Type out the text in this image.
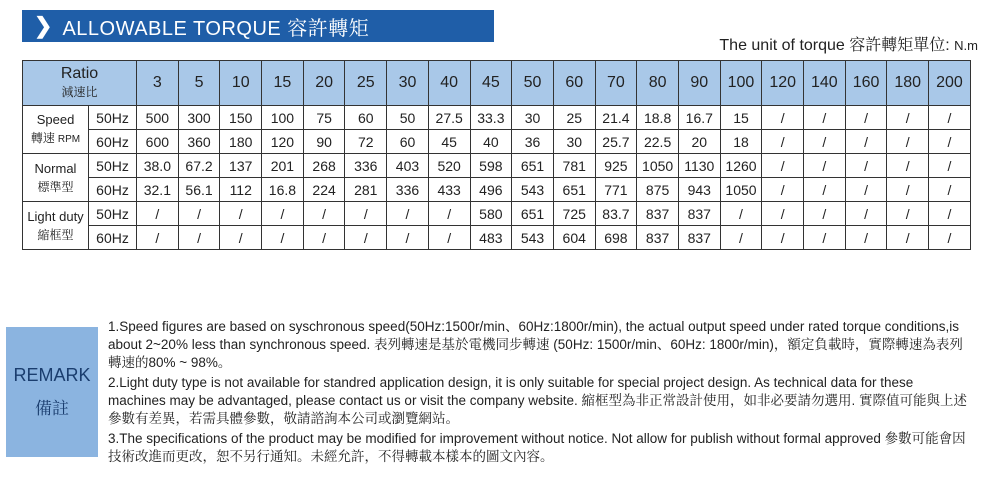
❯ ALLOWABLE TORQUE 容許轉矩
The unit of torque 容許轉矩單位: N.m
Ratio
減速比		3	5	10	15	20	25	30	40	45	50	60	70	80	90	100	120	140	160	180	200
Speed
轉速 RPM	50Hz	500	300	150	100	75	60	50	27.5	33.3	30	25	21.4	18.8	16.7	15	/	/	/	/	/
	60Hz	600	360	180	120	90	72	60	45	40	36	30	25.7	22.5	20	18	/	/	/	/	/
Normal
標準型	50Hz	38.0	67.2	137	201	268	336	403	520	598	651	781	925	1050	1130	1260	/	/	/	/	/
	60Hz	32.1	56.1	112	16.8	224	281	336	433	496	543	651	771	875	943	1050	/	/	/	/	/
Light duty
縮框型	50Hz	/	/	/	/	/	/	/	/	580	651	725	83.7	837	837	/	/	/	/	/	/
	60Hz	/	/	/	/	/	/	/	/	483	543	604	698	837	837	/	/	/	/	/	/
REMARK
備註

1.Speed figures are based on syschronous speed(50Hz:1500r/min、60Hz:1800r/min), the actual output speed under rated torque conditions,is about 2~20% less than synchronous speed. 表列轉速是基於電機同步轉速 (50Hz: 1500r/min、60Hz: 1800r/min)，額定負載時，實際轉速為表列轉速的80% ~ 98%。

2.Light duty type is not available for standred application design, it is only suitable for special project design. As technical data for these machines may be advantaged, please contact us or visit the company website. 縮框型為非正常設計使用，如非必要請勿選用. 實際值可能與上述參數有差異，若需具體參數，敬請諮詢本公司或瀏覽網站。

3.The specifications of the product may be modified for improvement without notice. Not allow for publish without formal approved 參數可能會因技術改進而更改，恕不另行通知。未經允許，不得轉載本樣本的圖文內容。
